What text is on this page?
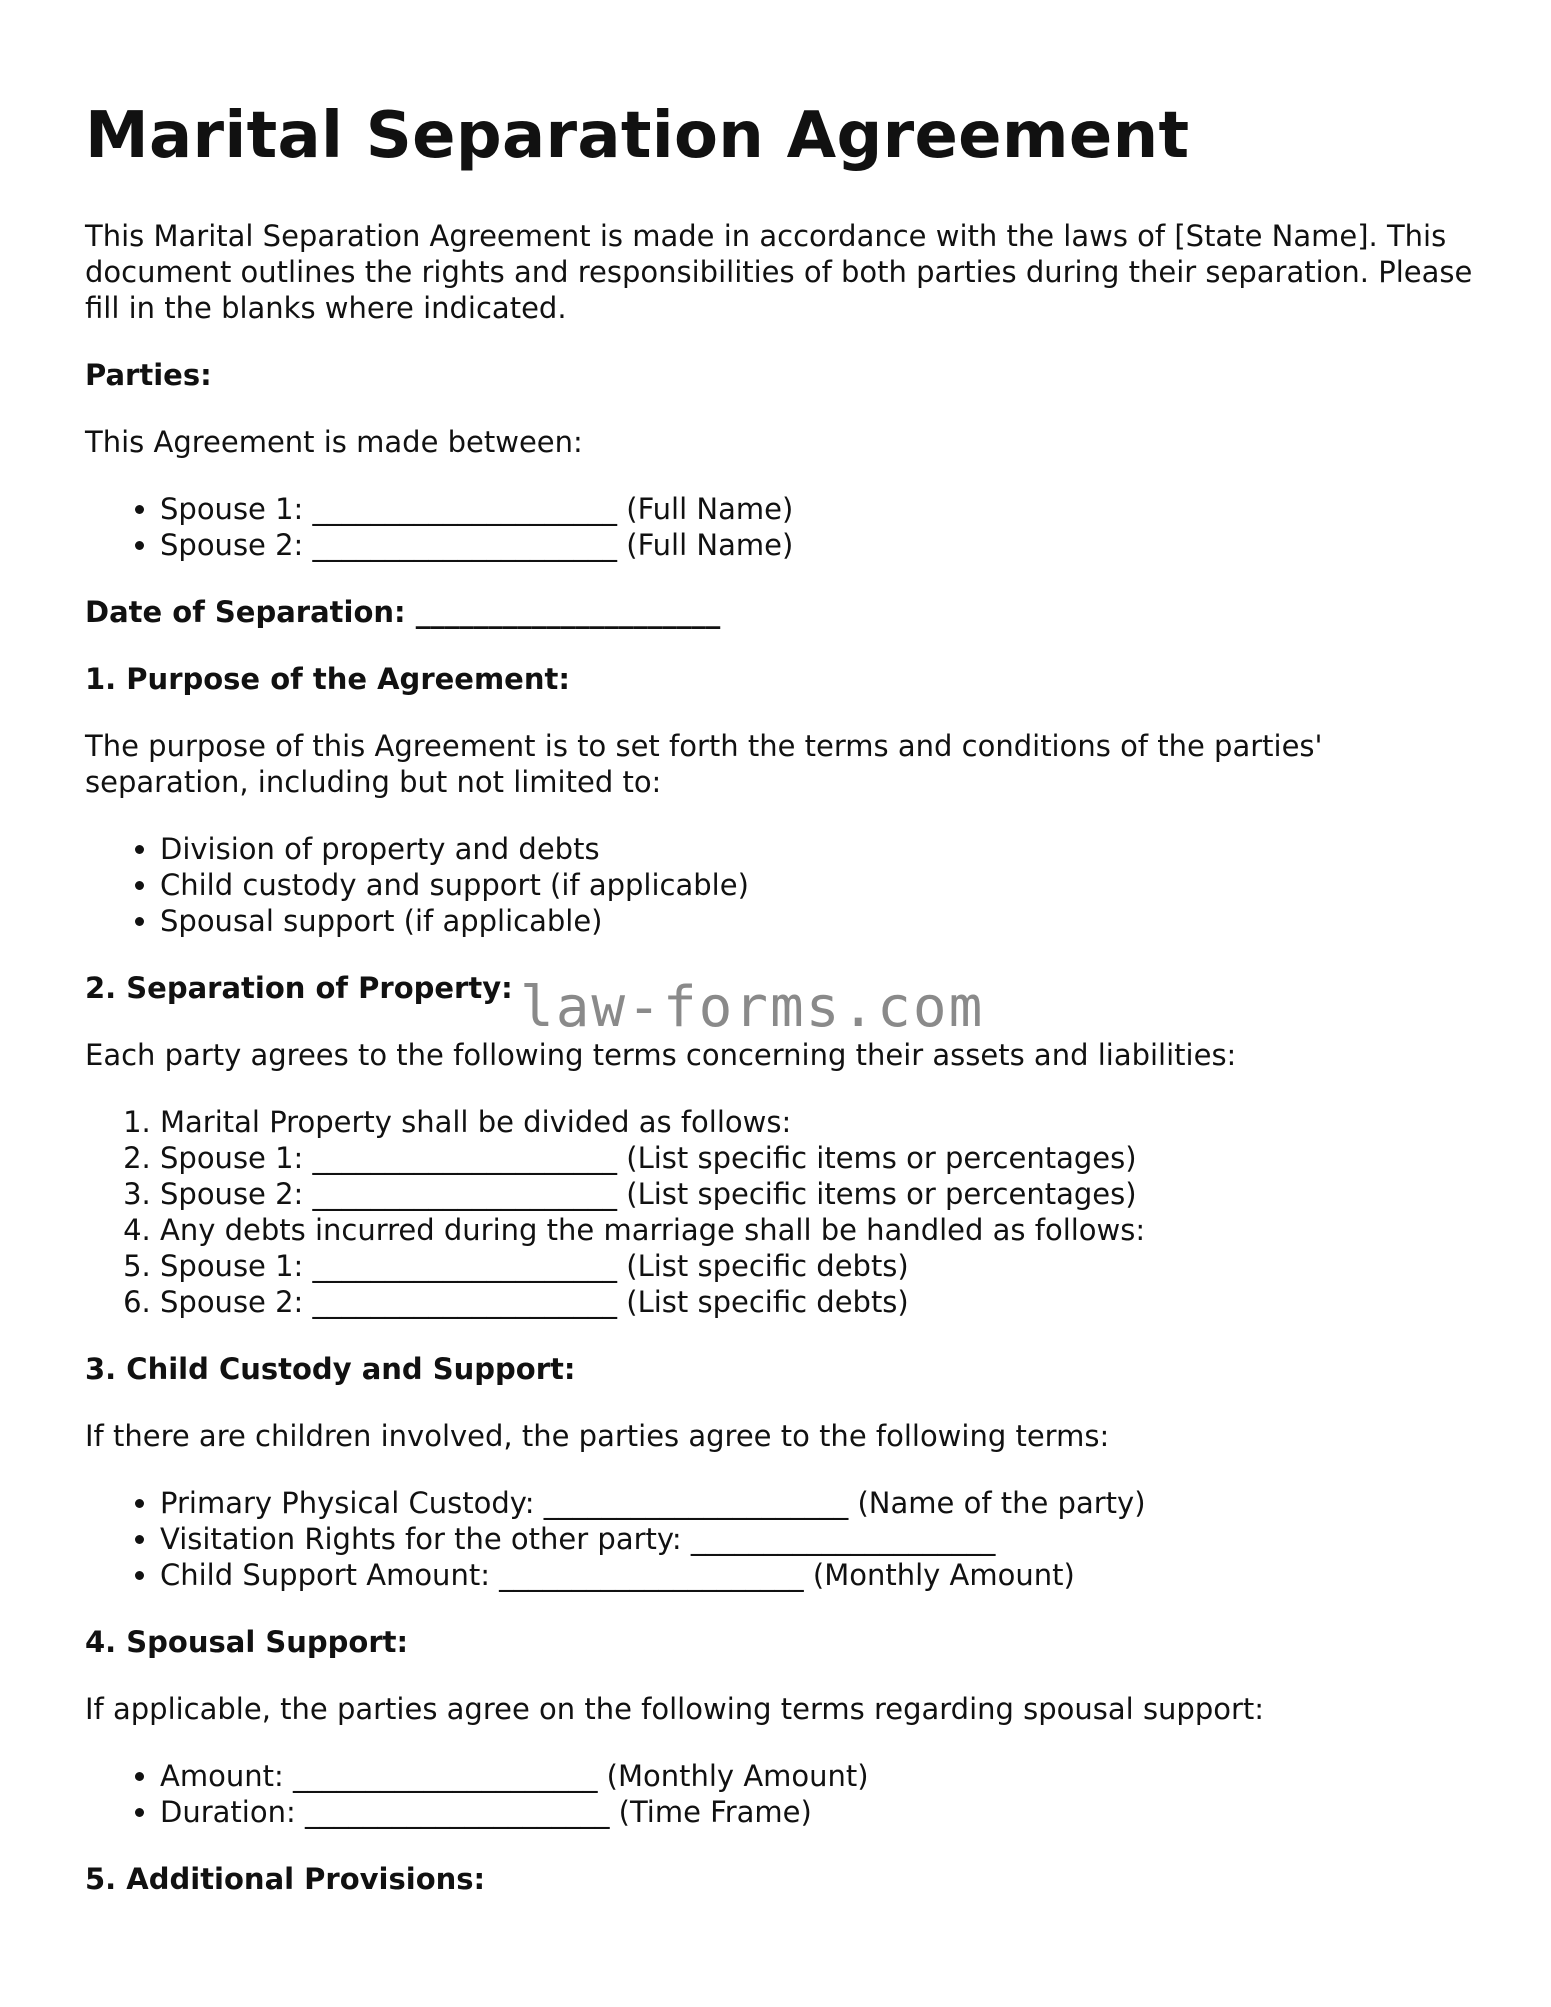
Marital Separation Agreement

This Marital Separation Agreement is made in accordance with the laws of [State Name]. This document outlines the rights and responsibilities of both parties during their separation. Please fill in the blanks where indicated.

Parties:

This Agreement is made between:

• Spouse 1: _____________________ (Full Name)
• Spouse 2: _____________________ (Full Name)

Date of Separation: _____________________

1. Purpose of the Agreement:

The purpose of this Agreement is to set forth the terms and conditions of the parties' separation, including but not limited to:

• Division of property and debts
• Child custody and support (if applicable)
• Spousal support (if applicable)

2. Separation of Property:

Each party agrees to the following terms concerning their assets and liabilities:

1. Marital Property shall be divided as follows:
2. Spouse 1: _____________________ (List specific items or percentages)
3. Spouse 2: _____________________ (List specific items or percentages)
4. Any debts incurred during the marriage shall be handled as follows:
5. Spouse 1: _____________________ (List specific debts)
6. Spouse 2: _____________________ (List specific debts)

3. Child Custody and Support:

If there are children involved, the parties agree to the following terms:

• Primary Physical Custody: _____________________ (Name of the party)
• Visitation Rights for the other party: _____________________
• Child Support Amount: _____________________ (Monthly Amount)

4. Spousal Support:

If applicable, the parties agree on the following terms regarding spousal support:

• Amount: _____________________ (Monthly Amount)
• Duration: _____________________ (Time Frame)

5. Additional Provisions:

law-forms.com
